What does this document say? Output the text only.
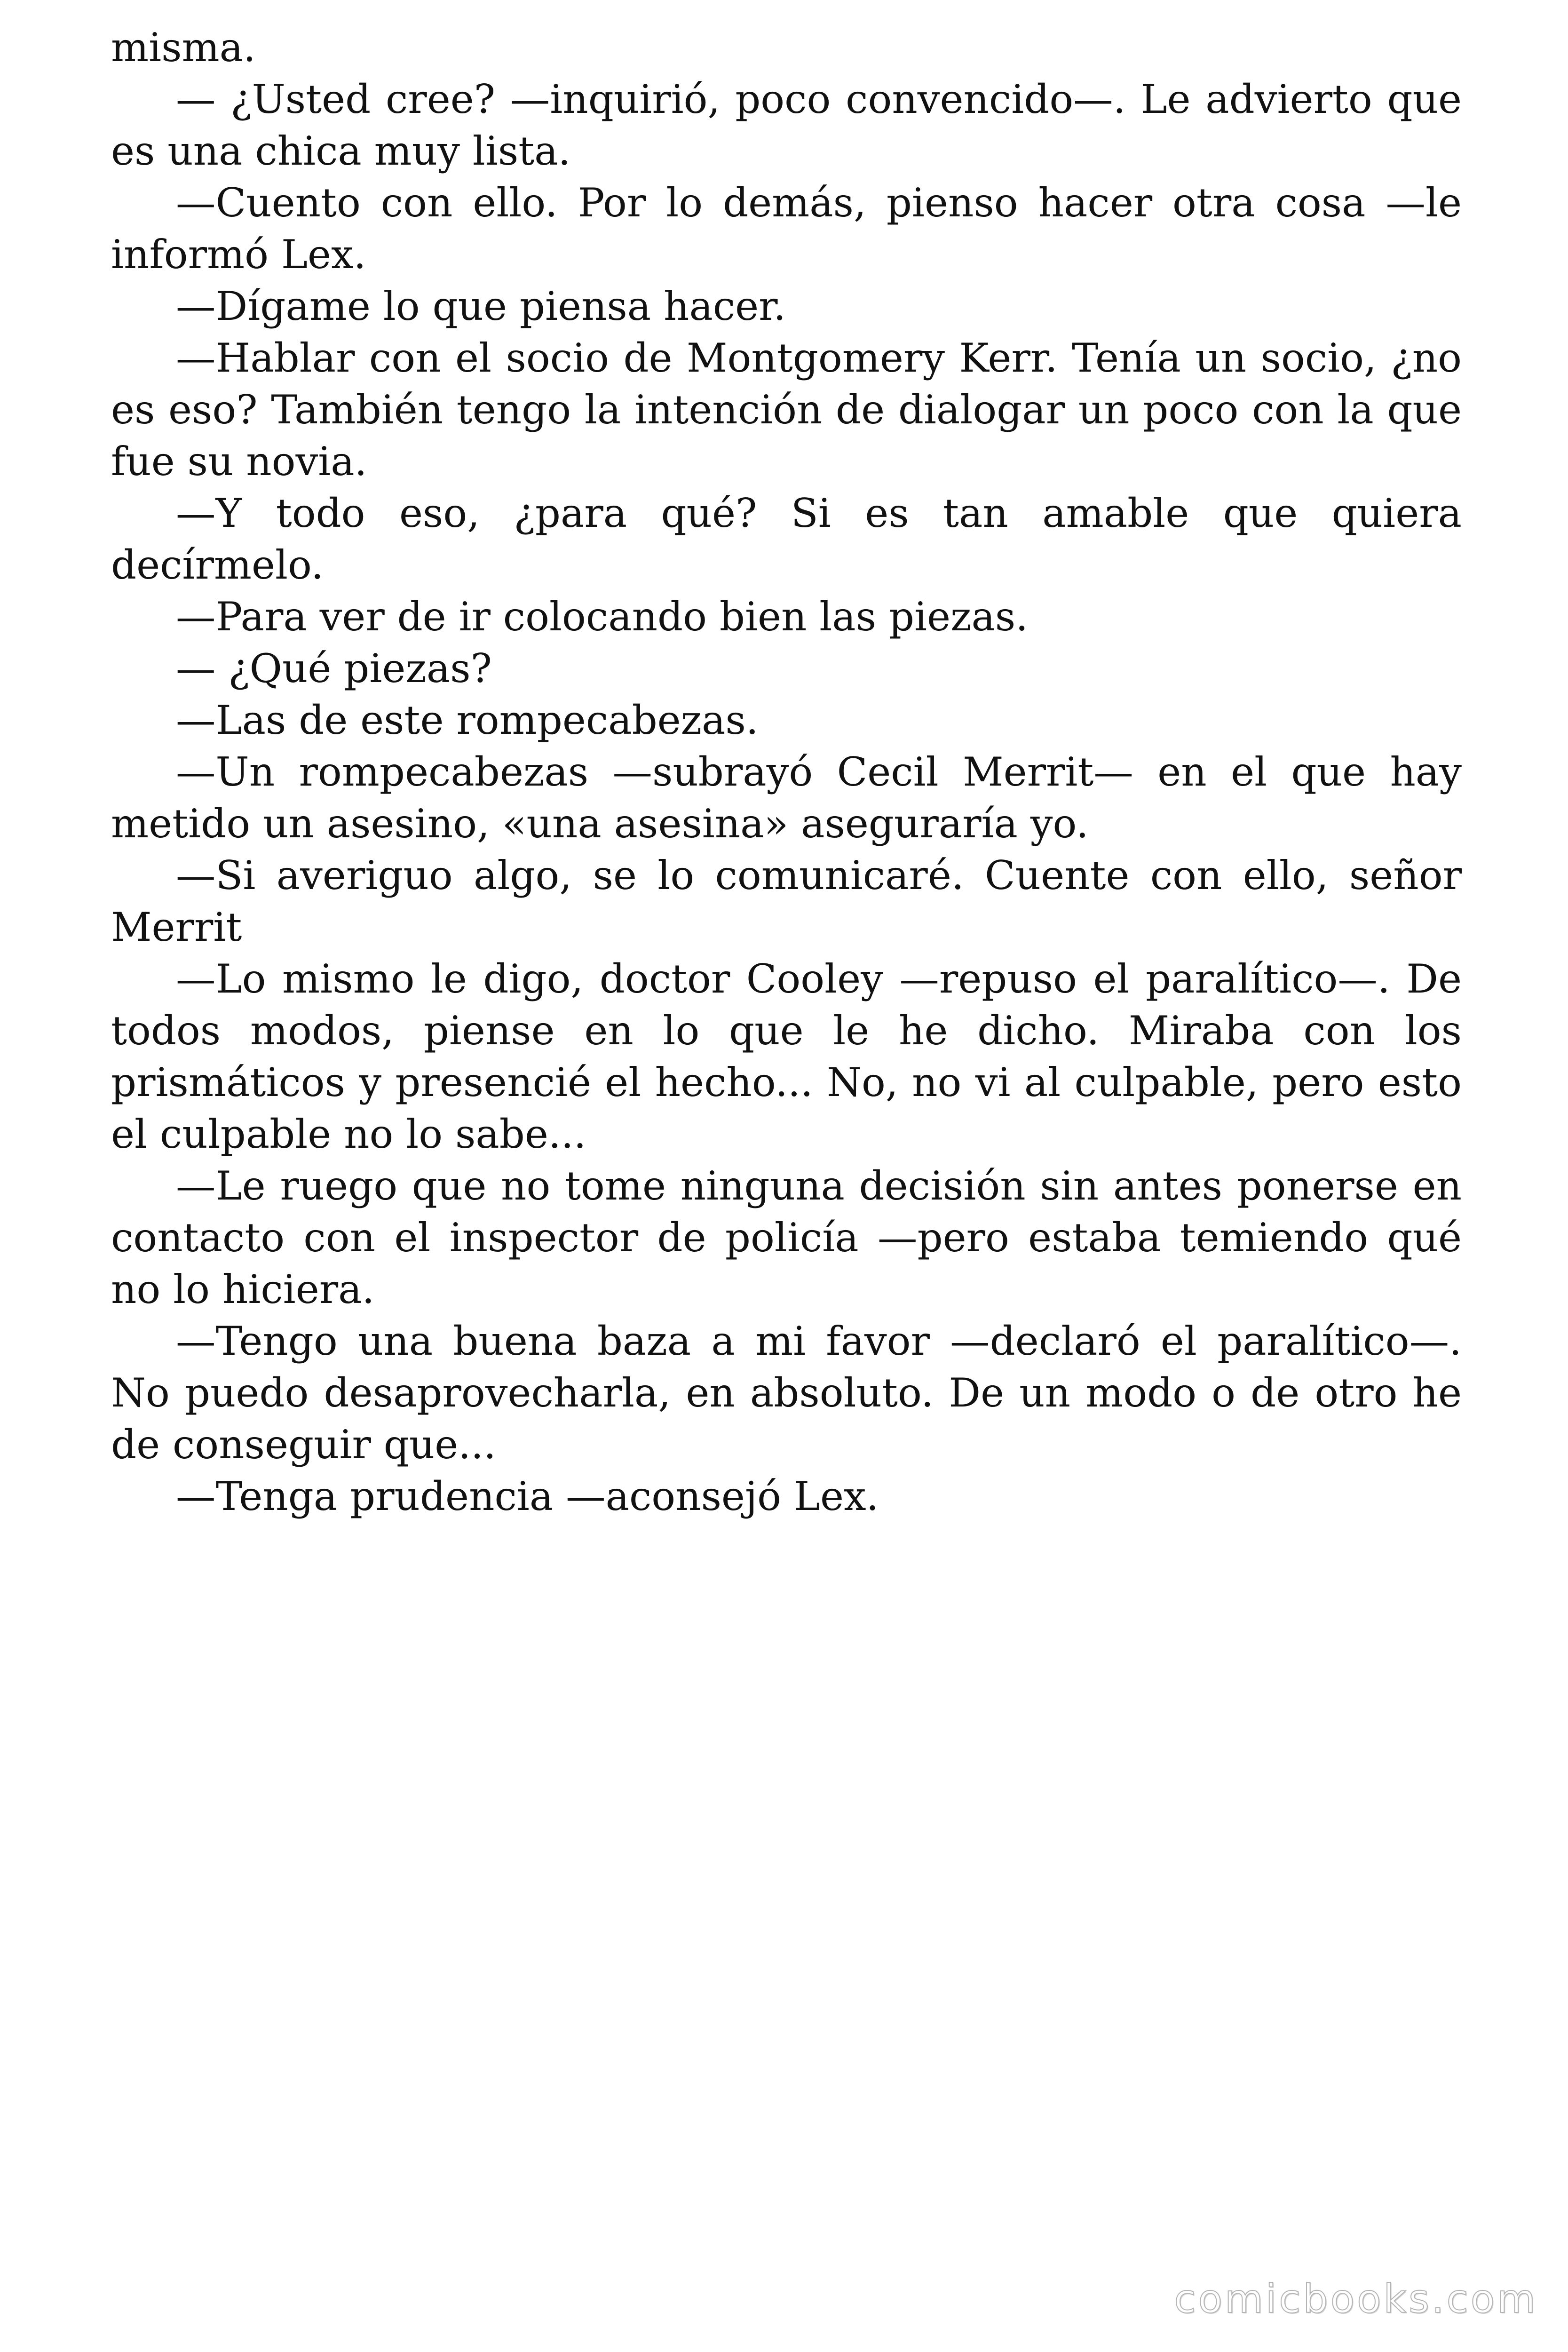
misma.

— ¿Usted cree? —inquirió, poco convencido—. Le advierto que es una chica muy lista.

—Cuento con ello. Por lo demás, pienso hacer otra cosa —le informó Lex.

—Dígame lo que piensa hacer.

—Hablar con el socio de Montgomery Kerr. Tenía un socio, ¿no es eso? También tengo la intención de dialogar un poco con la que fue su novia.

—Y todo eso, ¿para qué? Si es tan amable que quiera decírmelo.

—Para ver de ir colocando bien las piezas.

— ¿Qué piezas?

—Las de este rompecabezas.

—Un rompecabezas —subrayó Cecil Merrit— en el que hay metido un asesino, «una asesina» aseguraría yo.

—Si averiguo algo, se lo comunicaré. Cuente con ello, señor Merrit

—Lo mismo le digo, doctor Cooley —repuso el paralítico—. De todos modos, piense en lo que le he dicho. Miraba con los prismáticos y presencié el hecho... No, no vi al culpable, pero esto el culpable no lo sabe...

—Le ruego que no tome ninguna decisión sin antes ponerse en contacto con el inspector de policía —pero estaba temiendo qué no lo hiciera.

—Tengo una buena baza a mi favor —declaró el paralítico—. No puedo desaprovecharla, en absoluto. De un modo o de otro he de conseguir que...

—Tenga prudencia —aconsejó Lex.

comicbooks.com
